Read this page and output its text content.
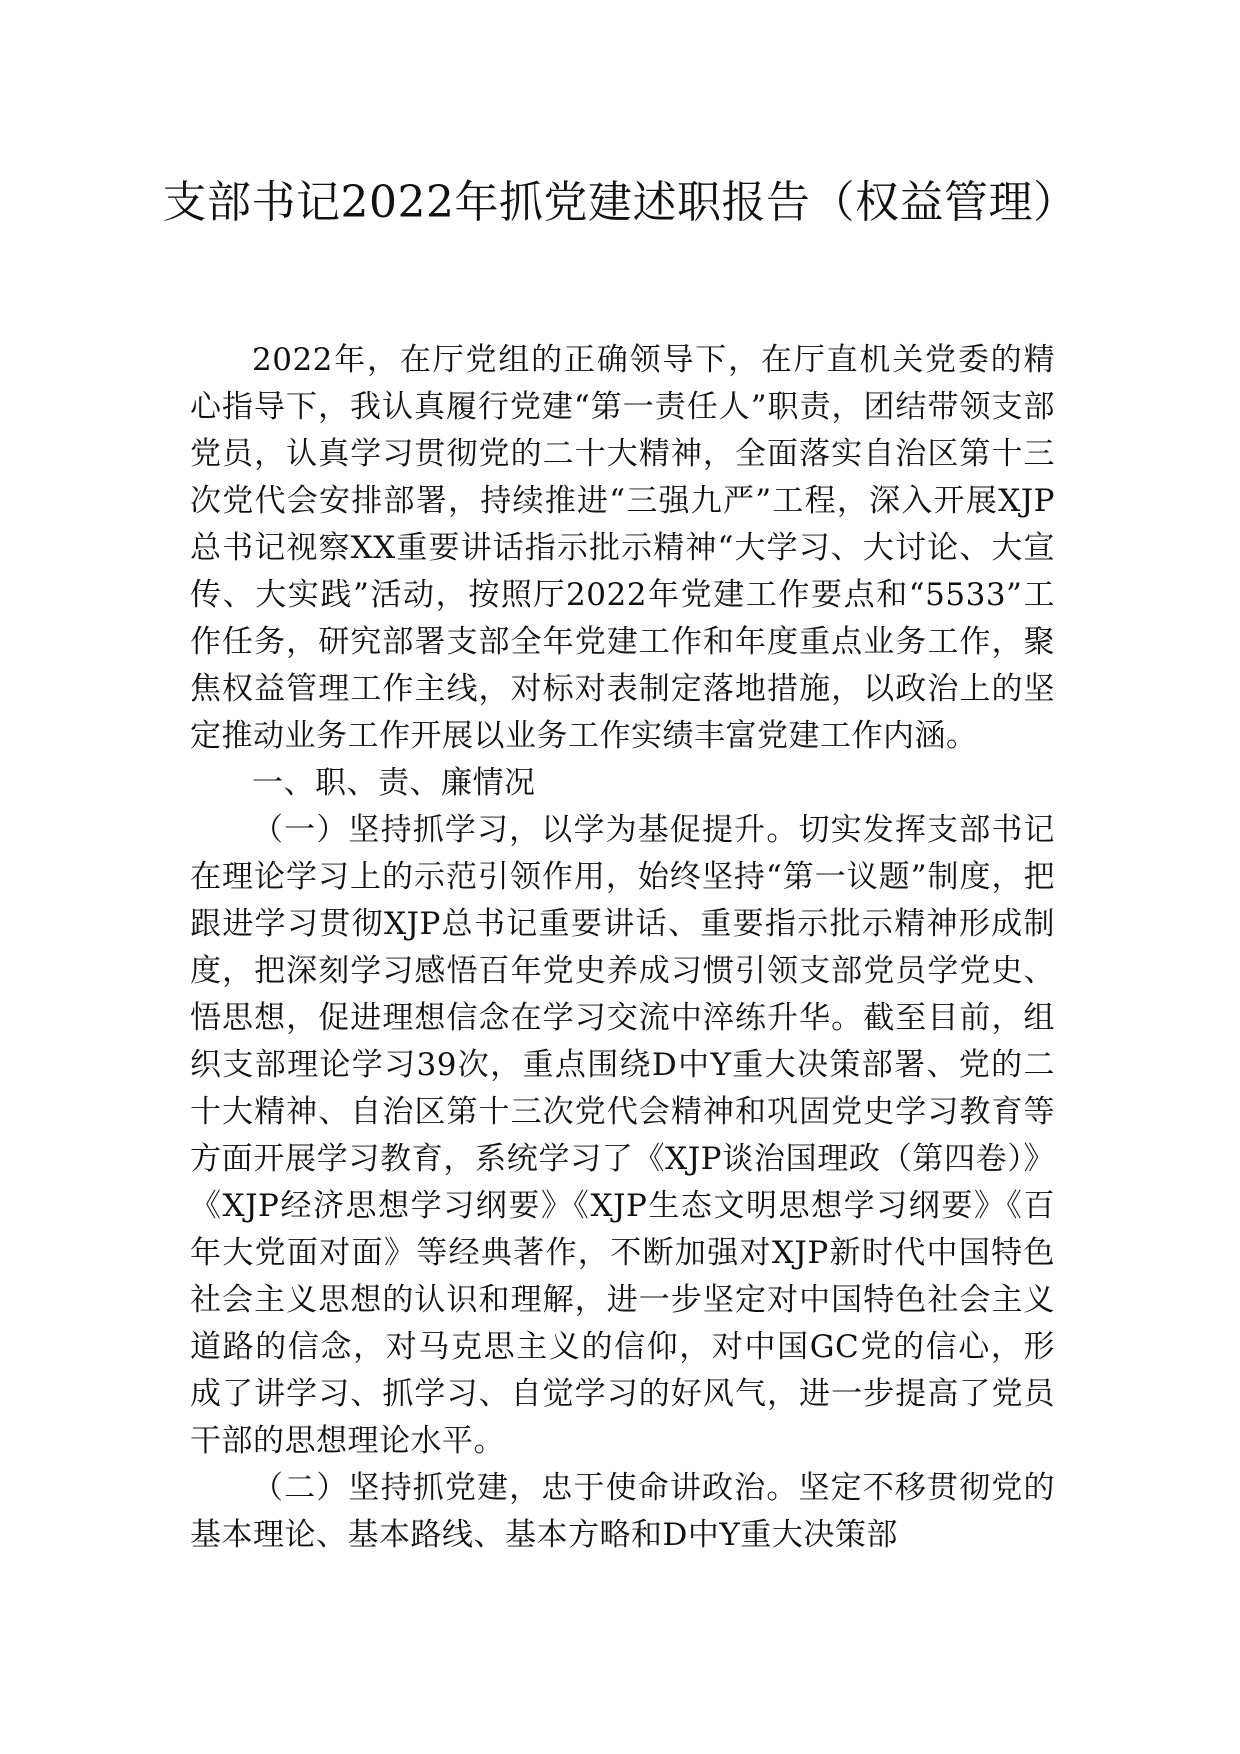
支部书记2022年抓党建述职报告（权益管理）

2022年，在厅党组的正确领导下，在厅直机关党委的精心指导下，我认真履行党建“第一责任人”职责，团结带领支部党员，认真学习贯彻党的二十大精神，全面落实自治区第十三次党代会安排部署，持续推进“三强九严”工程，深入开展XJP总书记视察XX重要讲话指示批示精神“大学习、大讨论、大宣传、大实践”活动，按照厅2022年党建工作要点和“5533”工作任务，研究部署支部全年党建工作和年度重点业务工作，聚焦权益管理工作主线，对标对表制定落地措施，以政治上的坚定推动业务工作开展以业务工作实绩丰富党建工作内涵。

一、职、责、廉情况

（一）坚持抓学习，以学为基促提升。切实发挥支部书记在理论学习上的示范引领作用，始终坚持“第一议题”制度，把跟进学习贯彻XJP总书记重要讲话、重要指示批示精神形成制度，把深刻学习感悟百年党史养成习惯引领支部党员学党史、悟思想，促进理想信念在学习交流中淬练升华。截至目前，组织支部理论学习39次，重点围绕D中Y重大决策部署、党的二十大精神、自治区第十三次党代会精神和巩固党史学习教育等方面开展学习教育，系统学习了《XJP谈治国理政（第四卷）》《XJP经济思想学习纲要》《XJP生态文明思想学习纲要》《百年大党面对面》等经典著作，不断加强对XJP新时代中国特色社会主义思想的认识和理解，进一步坚定对中国特色社会主义道路的信念，对马克思主义的信仰，对中国GC党的信心，形成了讲学习、抓学习、自觉学习的好风气，进一步提高了党员干部的思想理论水平。

（二）坚持抓党建，忠于使命讲政治。坚定不移贯彻党的基本理论、基本路线、基本方略和D中Y重大决策部
